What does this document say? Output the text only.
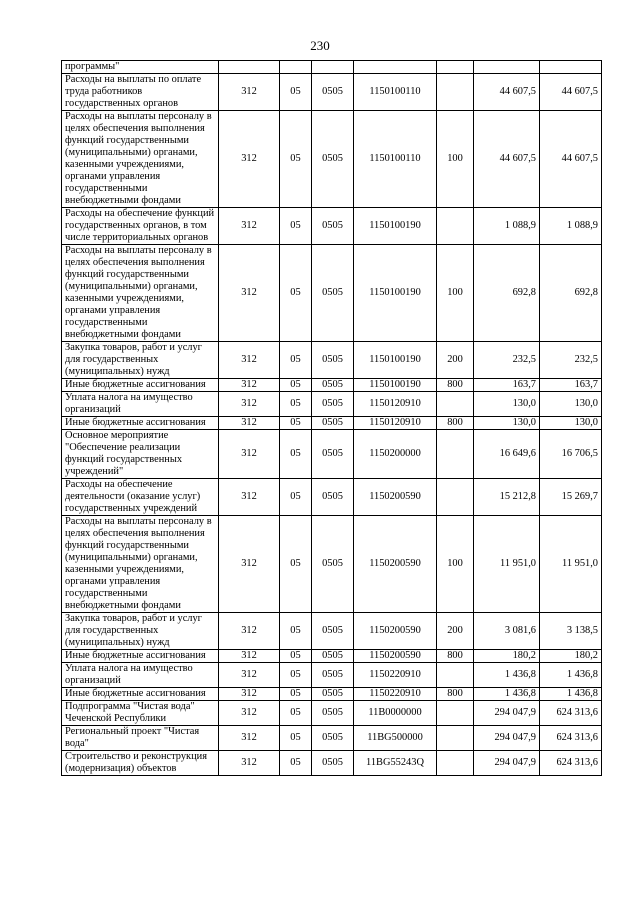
230
программы"							
Расходы на выплаты по оплате труда работников государственных органов	312	05	0505	1150100110		44 607,5	44 607,5
Расходы на выплаты персоналу в целях обеспечения выполнения функций государственными (муниципальными) органами, казенными учреждениями, органами управления государственными внебюджетными фондами	312	05	0505	1150100110	100	44 607,5	44 607,5
Расходы на обеспечение функций государственных органов, в том числе территориальных органов	312	05	0505	1150100190		1 088,9	1 088,9
Расходы на выплаты персоналу в целях обеспечения выполнения функций государственными (муниципальными) органами, казенными учреждениями, органами управления государственными внебюджетными фондами	312	05	0505	1150100190	100	692,8	692,8
Закупка товаров, работ и услуг для государственных (муниципальных) нужд	312	05	0505	1150100190	200	232,5	232,5
Иные бюджетные ассигнования	312	05	0505	1150100190	800	163,7	163,7
Уплата налога на имущество организаций	312	05	0505	1150120910		130,0	130,0
Иные бюджетные ассигнования	312	05	0505	1150120910	800	130,0	130,0
Основное мероприятие "Обеспечение реализации функций государственных учреждений"	312	05	0505	1150200000		16 649,6	16 706,5
Расходы на обеспечение деятельности (оказание услуг) государственных учреждений	312	05	0505	1150200590		15 212,8	15 269,7
Расходы на выплаты персоналу в целях обеспечения выполнения функций государственными (муниципальными) органами, казенными учреждениями, органами управления государственными внебюджетными фондами	312	05	0505	1150200590	100	11 951,0	11 951,0
Закупка товаров, работ и услуг для государственных (муниципальных) нужд	312	05	0505	1150200590	200	3 081,6	3 138,5
Иные бюджетные ассигнования	312	05	0505	1150200590	800	180,2	180,2
Уплата налога на имущество организаций	312	05	0505	1150220910		1 436,8	1 436,8
Иные бюджетные ассигнования	312	05	0505	1150220910	800	1 436,8	1 436,8
Подпрограмма "Чистая вода" Чеченской Республики	312	05	0505	11В0000000		294 047,9	624 313,6
Региональный проект "Чистая вода"	312	05	0505	11ВG500000		294 047,9	624 313,6
Строительство и реконструкция (модернизация) объектов	312	05	0505	11ВG55243Q		294 047,9	624 313,6
